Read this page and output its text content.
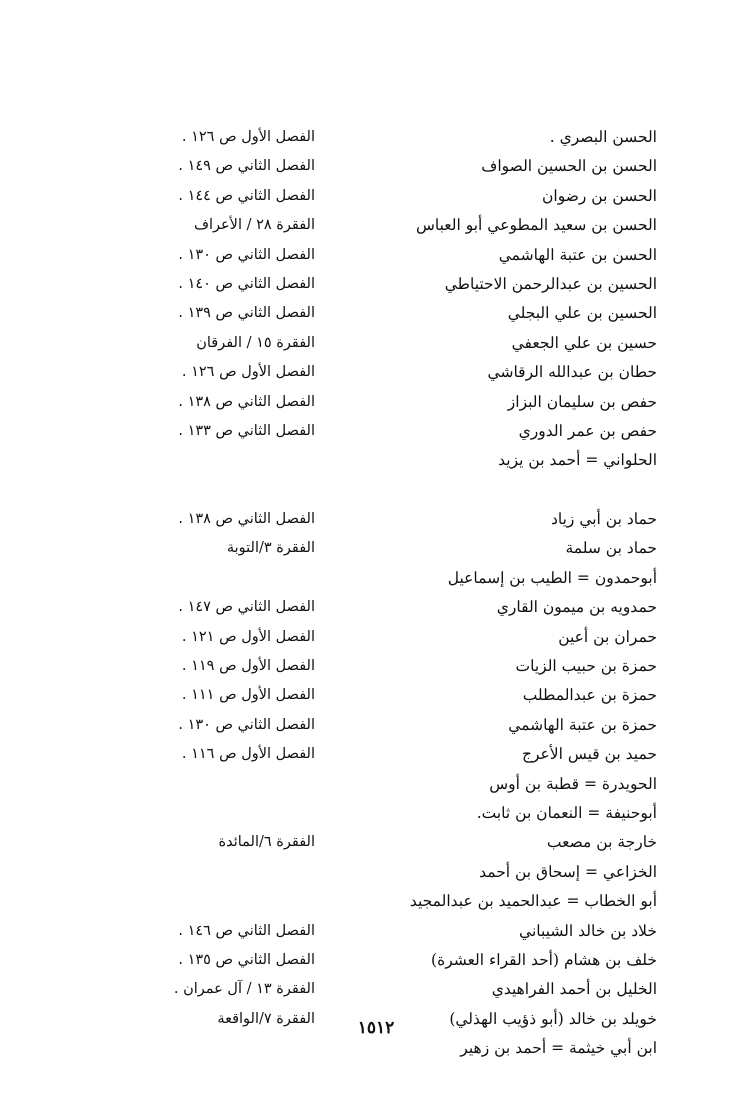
الحسن البصري .
الفصل الأول ص ١٢٦ .
الحسن بن الحسين الصواف
الفصل الثاني ص ١٤٩ .
الحسن بن رضوان
الفصل الثاني ص ١٤٤ .
الحسن بن سعيد المطوعي أبو العباس
الفقرة ٢٨ / الأعراف
الحسن بن عتبة الهاشمي
الفصل الثاني ص ١٣٠ .
الحسين بن عبدالرحمن الاحتياطي
الفصل الثاني ص ١٤٠ .
الحسين بن علي البجلي
الفصل الثاني ص ١٣٩ .
حسين بن علي الجعفي
الفقرة ١٥ / الفرقان
حطان بن عبدالله الرقاشي
الفصل الأول ص ١٢٦ .
حفص بن سليمان البزاز
الفصل الثاني ص ١٣٨ .
حفص بن عمر الدوري
الفصل الثاني ص ١٣٣ .
الحلواني = أحمد بن يزيد
حماد بن أبي زياد
الفصل الثاني ص ١٣٨ .
حماد بن سلمة
الفقرة ٣/التوبة
أبوحمدون = الطيب بن إسماعيل
حمدويه بن ميمون القاري
الفصل الثاني ص ١٤٧ .
حمران بن أعين
الفصل الأول ص ١٢١ .
حمزة بن حبيب الزيات
الفصل الأول ص ١١٩ .
حمزة بن عبدالمطلب
الفصل الأول ص ١١١ .
حمزة بن عتبة الهاشمي
الفصل الثاني ص ١٣٠ .
حميد بن قيس الأعرج
الفصل الأول ص ١١٦ .
الحويدرة = قطبة بن أوس
أبوحنيفة = النعمان بن ثابت.
خارجة بن مصعب
الفقرة ٦/المائدة
الخزاعي = إسحاق بن أحمد
أبو الخطاب = عبدالحميد بن عبدالمجيد
خلاد بن خالد الشيباني
الفصل الثاني ص ١٤٦ .
خلف بن هشام (أحد القراء العشرة)
الفصل الثاني ص ١٣٥ .
الخليل بن أحمد الفراهيدي
الفقرة ١٣ / آل عمران .
خويلد بن خالد (أبو ذؤيب الهذلي)
الفقرة ٧/الواقعة
ابن أبي خيثمة = أحمد بن زهير
١٥١٢
